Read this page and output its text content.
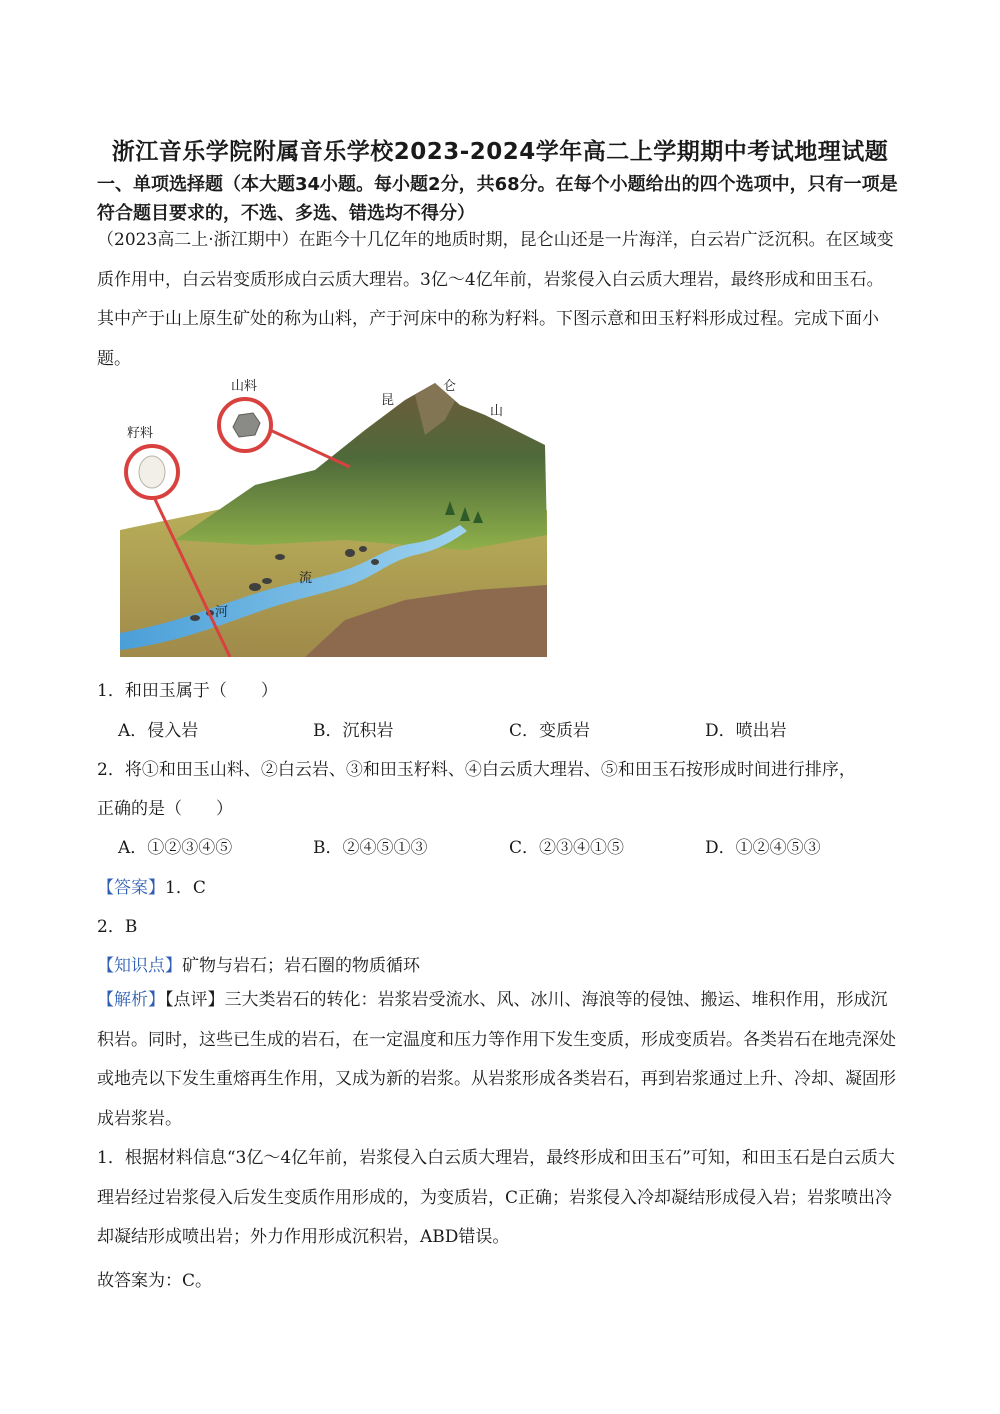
浙江音乐学院附属音乐学校2023-2024学年高二上学期期中考试地理试题
一、单项选择题（本大题34小题。每小题2分，共68分。在每个小题给出的四个选项中，只有一项是符合题目要求的，不选、多选、错选均不得分）
（2023高二上·浙江期中）在距今十几亿年的地质时期，昆仑山还是一片海洋，白云岩广泛沉积。在区域变质作用中，白云岩变质形成白云质大理岩。3亿～4亿年前，岩浆侵入白云质大理岩，最终形成和田玉石。其中产于山上原生矿处的称为山料，产于河床中的称为籽料。下图示意和田玉籽料形成过程。完成下面小题。
山料
籽料
昆
仑
山
流
河
1．和田玉属于（　　）
A．侵入岩	B．沉积岩	C．变质岩	D．喷出岩
2．将①和田玉山料、②白云岩、③和田玉籽料、④白云质大理岩、⑤和田玉石按形成时间进行排序，
正确的是（　　）
A．①②③④⑤	B．②④⑤①③	C．②③④①⑤	D．①②④⑤③
【答案】1．C
2．B
【知识点】矿物与岩石；岩石圈的物质循环
【解析】【点评】三大类岩石的转化：岩浆岩受流水、风、冰川、海浪等的侵蚀、搬运、堆积作用，形成沉积岩。同时，这些已生成的岩石，在一定温度和压力等作用下发生变质，形成变质岩。各类岩石在地壳深处或地壳以下发生重熔再生作用，又成为新的岩浆。从岩浆形成各类岩石，再到岩浆通过上升、冷却、凝固形成岩浆岩。
1．根据材料信息“3亿～4亿年前，岩浆侵入白云质大理岩，最终形成和田玉石”可知，和田玉石是白云质大理岩经过岩浆侵入后发生变质作用形成的，为变质岩，C正确；岩浆侵入冷却凝结形成侵入岩；岩浆喷出冷却凝结形成喷出岩；外力作用形成沉积岩，ABD错误。
故答案为：C。
